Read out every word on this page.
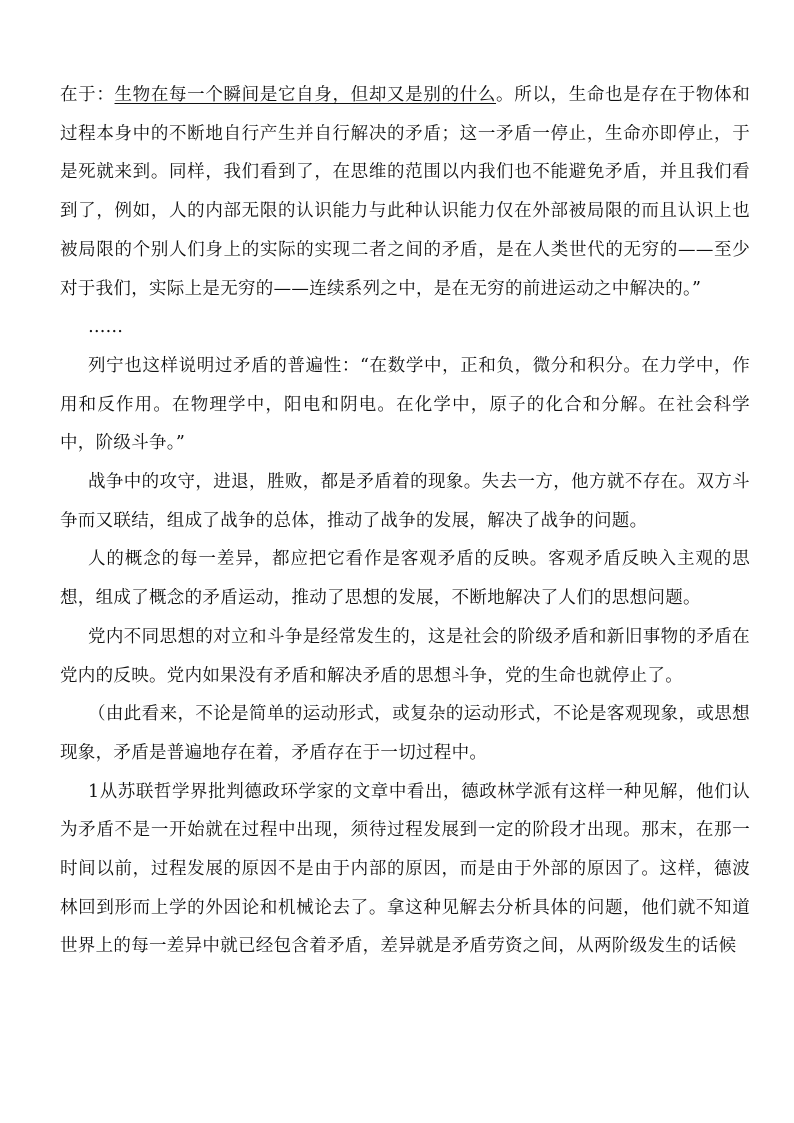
在于：生物在每一个瞬间是它自身，但却又是别的什么。所以，生命也是存在于物体和过程本身中的不断地自行产生并自行解决的矛盾；这一矛盾一停止，生命亦即停止，于是死就来到。同样，我们看到了，在思维的范围以内我们也不能避免矛盾，并且我们看到了，例如，人的内部无限的认识能力与此种认识能力仅在外部被局限的而且认识上也被局限的个别人们身上的实际的实现二者之间的矛盾，是在人类世代的无穷的——至少对于我们，实际上是无穷的——连续系列之中，是在无穷的前进运动之中解决的。”

……

列宁也这样说明过矛盾的普遍性：“在数学中，正和负，微分和积分。在力学中，作用和反作用。在物理学中，阳电和阴电。在化学中，原子的化合和分解。在社会科学中，阶级斗争。”

战争中的攻守，进退，胜败，都是矛盾着的现象。失去一方，他方就不存在。双方斗争而又联结，组成了战争的总体，推动了战争的发展，解决了战争的问题。

人的概念的每一差异，都应把它看作是客观矛盾的反映。客观矛盾反映入主观的思想，组成了概念的矛盾运动，推动了思想的发展，不断地解决了人们的思想问题。

党内不同思想的对立和斗争是经常发生的，这是社会的阶级矛盾和新旧事物的矛盾在党内的反映。党内如果没有矛盾和解决矛盾的思想斗争，党的生命也就停止了。

（由此看来，不论是简单的运动形式，或复杂的运动形式，不论是客观现象，或思想现象，矛盾是普遍地存在着，矛盾存在于一切过程中。

1从苏联哲学界批判德政环学家的文章中看出，德政林学派有这样一种见解，他们认为矛盾不是一开始就在过程中出现，须待过程发展到一定的阶段才出现。那末，在那一时间以前，过程发展的原因不是由于内部的原因，而是由于外部的原因了。这样，德波林回到形而上学的外因论和机械论去了。拿这种见解去分析具体的问题，他们就不知道世界上的每一差异中就已经包含着矛盾，差异就是矛盾劳资之间，从两阶级发生的话候
